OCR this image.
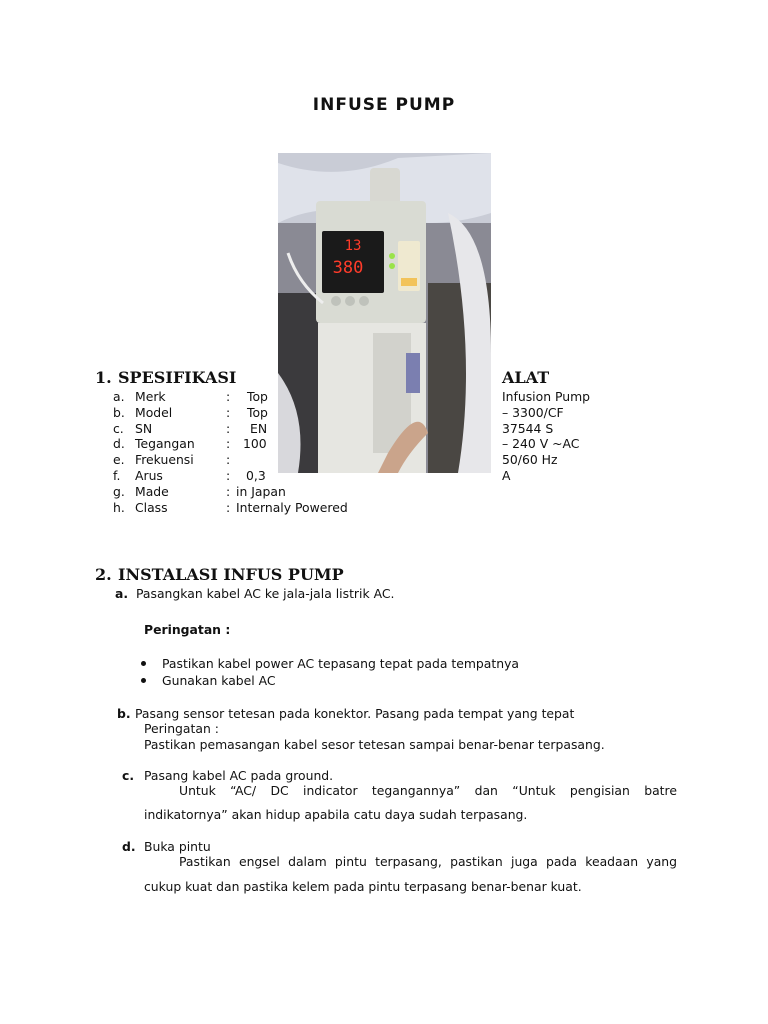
INFUSE PUMP
13
380
1. SPESIFIKASI	ALAT
a. Merk	: Top	Infusion Pump
b. Model	: Top	– 3300/CF
c. SN	: EN	37544 S
d. Tegangan	: 100	– 240 V ~AC
e. Frekuensi	:	50/60 Hz
f. Arus	: 0,3	A
g. Made	: in Japan
h. Class	: Internaly Powered
2. INSTALASI INFUS PUMP
a. Pasangkan kabel AC ke jala-jala listrik AC.
Peringatan :
Pastikan kabel power AC tepasang tepat pada tempatnya
Gunakan kabel AC
b. Pasang sensor tetesan pada konektor. Pasang pada tempat yang tepat
Peringatan :
Pastikan pemasangan kabel sesor tetesan sampai benar-benar terpasang.
c. Pasang kabel AC pada ground.
Untuk “AC/ DC indicator tegangannya” dan “Untuk pengisian batre
indikatornya” akan hidup apabila catu daya sudah terpasang.
d. Buka pintu
Pastikan engsel dalam pintu terpasang, pastikan juga pada keadaan yang
cukup kuat dan pastika kelem pada pintu terpasang benar-benar kuat.
